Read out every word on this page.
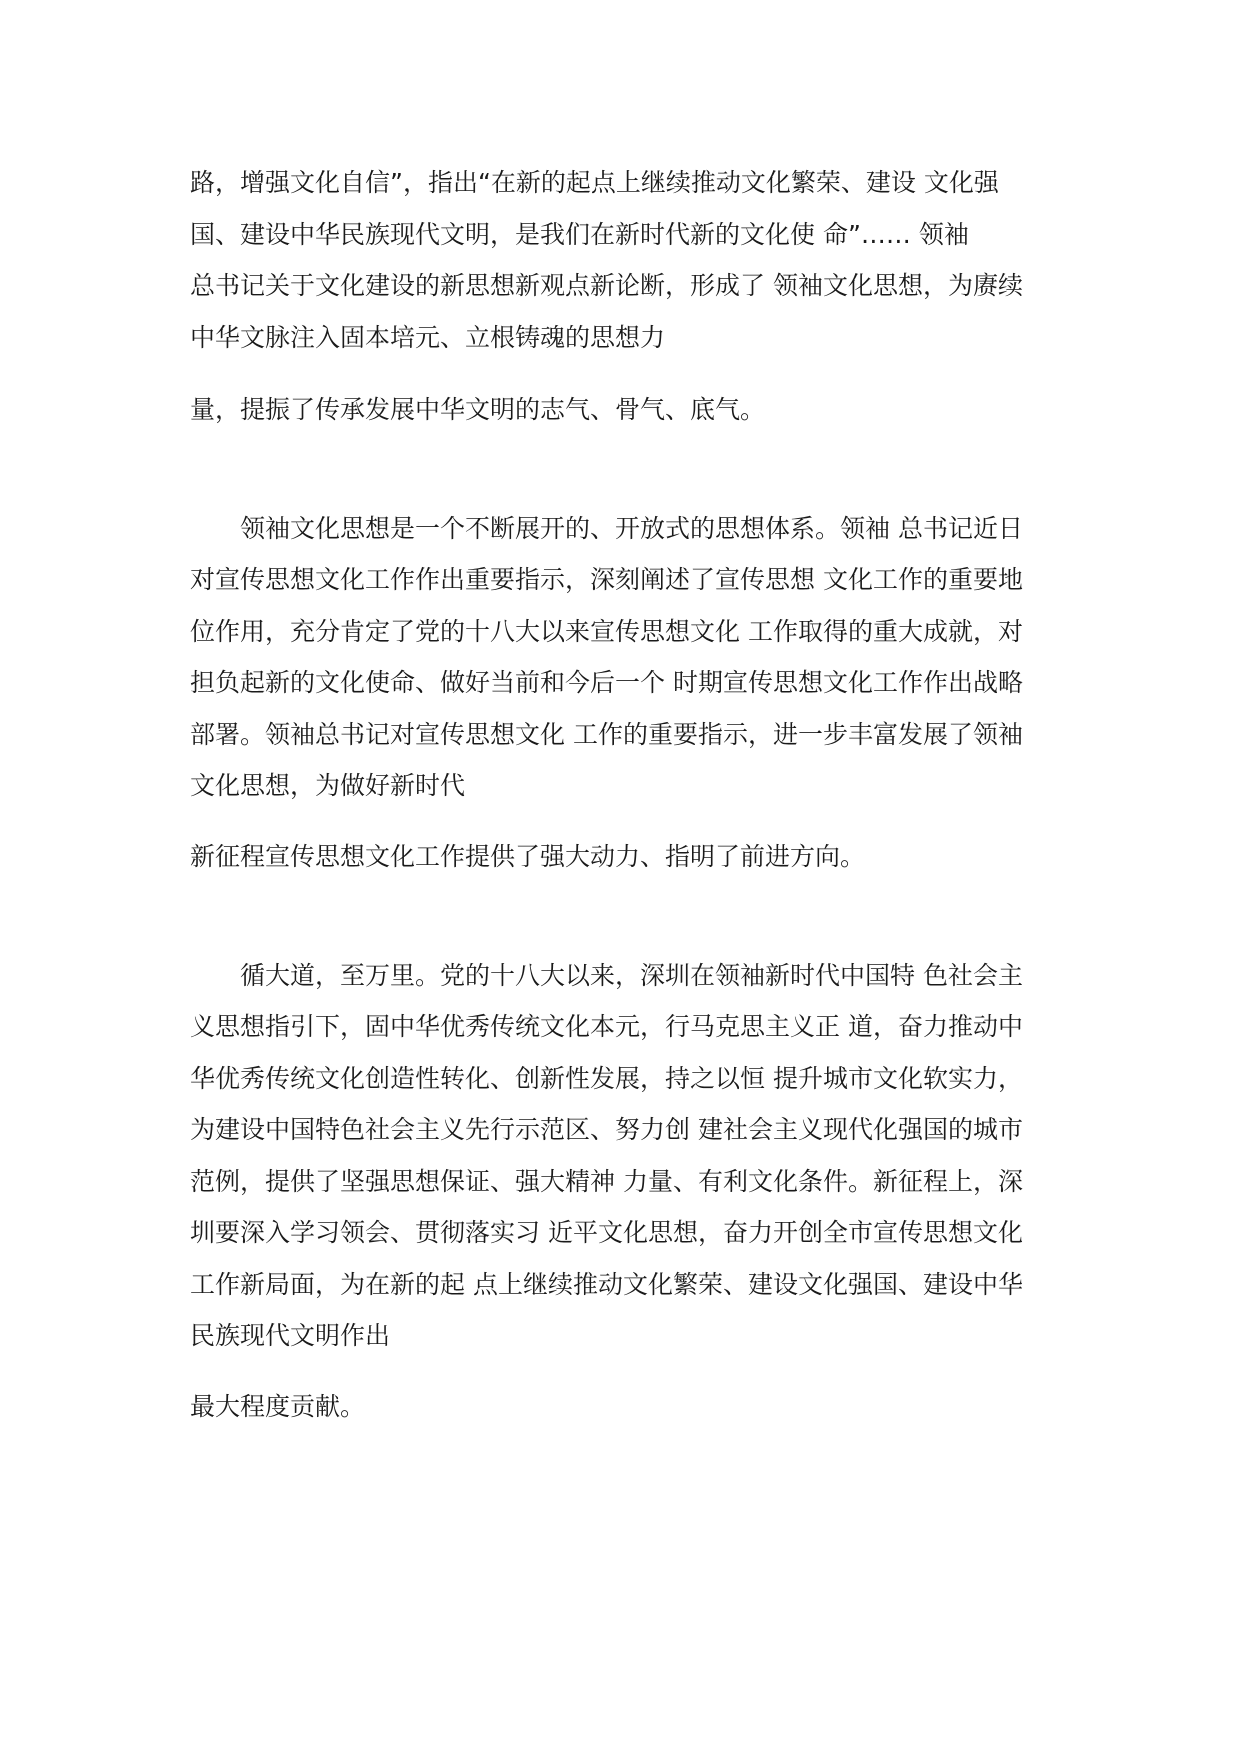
路，增强文化自信”，指出“在新的起点上继续推动文化繁荣、建设 文化强
国、建设中华民族现代文明，是我们在新时代新的文化使 命”…… 领袖
总书记关于文化建设的新思想新观点新论断，形成了 领袖文化思想，为赓续
中华文脉注入固本培元、立根铸魂的思想力
量，提振了传承发展中华文明的志气、骨气、底气。
领袖文化思想是一个不断展开的、开放式的思想体系。领袖 总书记近日
对宣传思想文化工作作出重要指示，深刻阐述了宣传思想 文化工作的重要地
位作用，充分肯定了党的十八大以来宣传思想文化 工作取得的重大成就，对
担负起新的文化使命、做好当前和今后一个 时期宣传思想文化工作作出战略
部署。领袖总书记对宣传思想文化 工作的重要指示，进一步丰富发展了领袖
文化思想，为做好新时代
新征程宣传思想文化工作提供了强大动力、指明了前进方向。
循大道，至万里。党的十八大以来，深圳在领袖新时代中国特 色社会主
义思想指引下，固中华优秀传统文化本元，行马克思主义正 道，奋力推动中
华优秀传统文化创造性转化、创新性发展，持之以恒 提升城市文化软实力，
为建设中国特色社会主义先行示范区、努力创 建社会主义现代化强国的城市
范例，提供了坚强思想保证、强大精神 力量、有利文化条件。新征程上，深
圳要深入学习领会、贯彻落实习 近平文化思想，奋力开创全市宣传思想文化
工作新局面，为在新的起 点上继续推动文化繁荣、建设文化强国、建设中华
民族现代文明作出
最大程度贡献。
